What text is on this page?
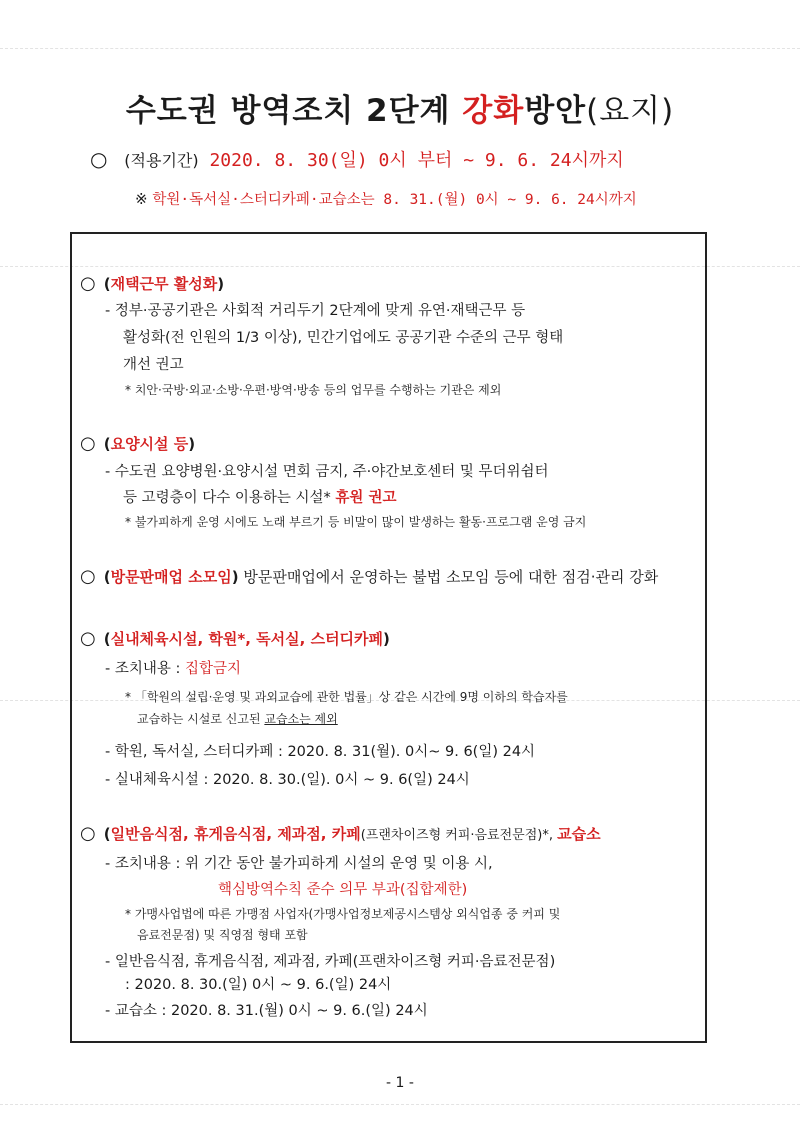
수도권 방역조치 2단계 강화방안(요지)
○ (적용기간) 2020. 8. 30(일) 0시 부터 ~ 9. 6. 24시까지
※ 학원·독서실·스터디카페·교습소는 8. 31.(월) 0시 ~ 9. 6. 24시까지
○ (재택근무 활성화)
- 정부·공공기관은 사회적 거리두기 2단계에 맞게 유연·재택근무 등
활성화(전 인원의 1/3 이상), 민간기업에도 공공기관 수준의 근무 형태
개선 권고
* 치안·국방·외교·소방·우편·방역·방송 등의 업무를 수행하는 기관은 제외
○ (요양시설 등)
- 수도권 요양병원·요양시설 면회 금지, 주·야간보호센터 및 무더위쉼터
등 고령층이 다수 이용하는 시설* 휴원 권고
* 불가피하게 운영 시에도 노래 부르기 등 비말이 많이 발생하는 활동·프로그램 운영 금지
○ (방문판매업 소모임) 방문판매업에서 운영하는 불법 소모임 등에 대한 점검·관리 강화
○ (실내체육시설, 학원*, 독서실, 스터디카페)
- 조치내용 : 집합금지
* 「학원의 설립·운영 및 과외교습에 관한 법률」상 같은 시간에 9명 이하의 학습자를
교습하는 시설로 신고된 교습소는 제외
- 학원, 독서실, 스터디카페 : 2020. 8. 31(월). 0시~ 9. 6(일) 24시
- 실내체육시설 : 2020. 8. 30.(일). 0시 ~ 9. 6(일) 24시
○ (일반음식점, 휴게음식점, 제과점, 카페(프랜차이즈형 커피·음료전문점)*, 교습소
- 조치내용 : 위 기간 동안 불가피하게 시설의 운영 및 이용 시,
핵심방역수칙 준수 의무 부과(집합제한)
* 가맹사업법에 따른 가맹점 사업자(가맹사업정보제공시스템상 외식업종 중 커피 및
음료전문점) 및 직영점 형태 포함
- 일반음식점, 휴게음식점, 제과점, 카페(프랜차이즈형 커피·음료전문점)
: 2020. 8. 30.(일) 0시 ~ 9. 6.(일) 24시
- 교습소 : 2020. 8. 31.(월) 0시 ~ 9. 6.(일) 24시
- 1 -
